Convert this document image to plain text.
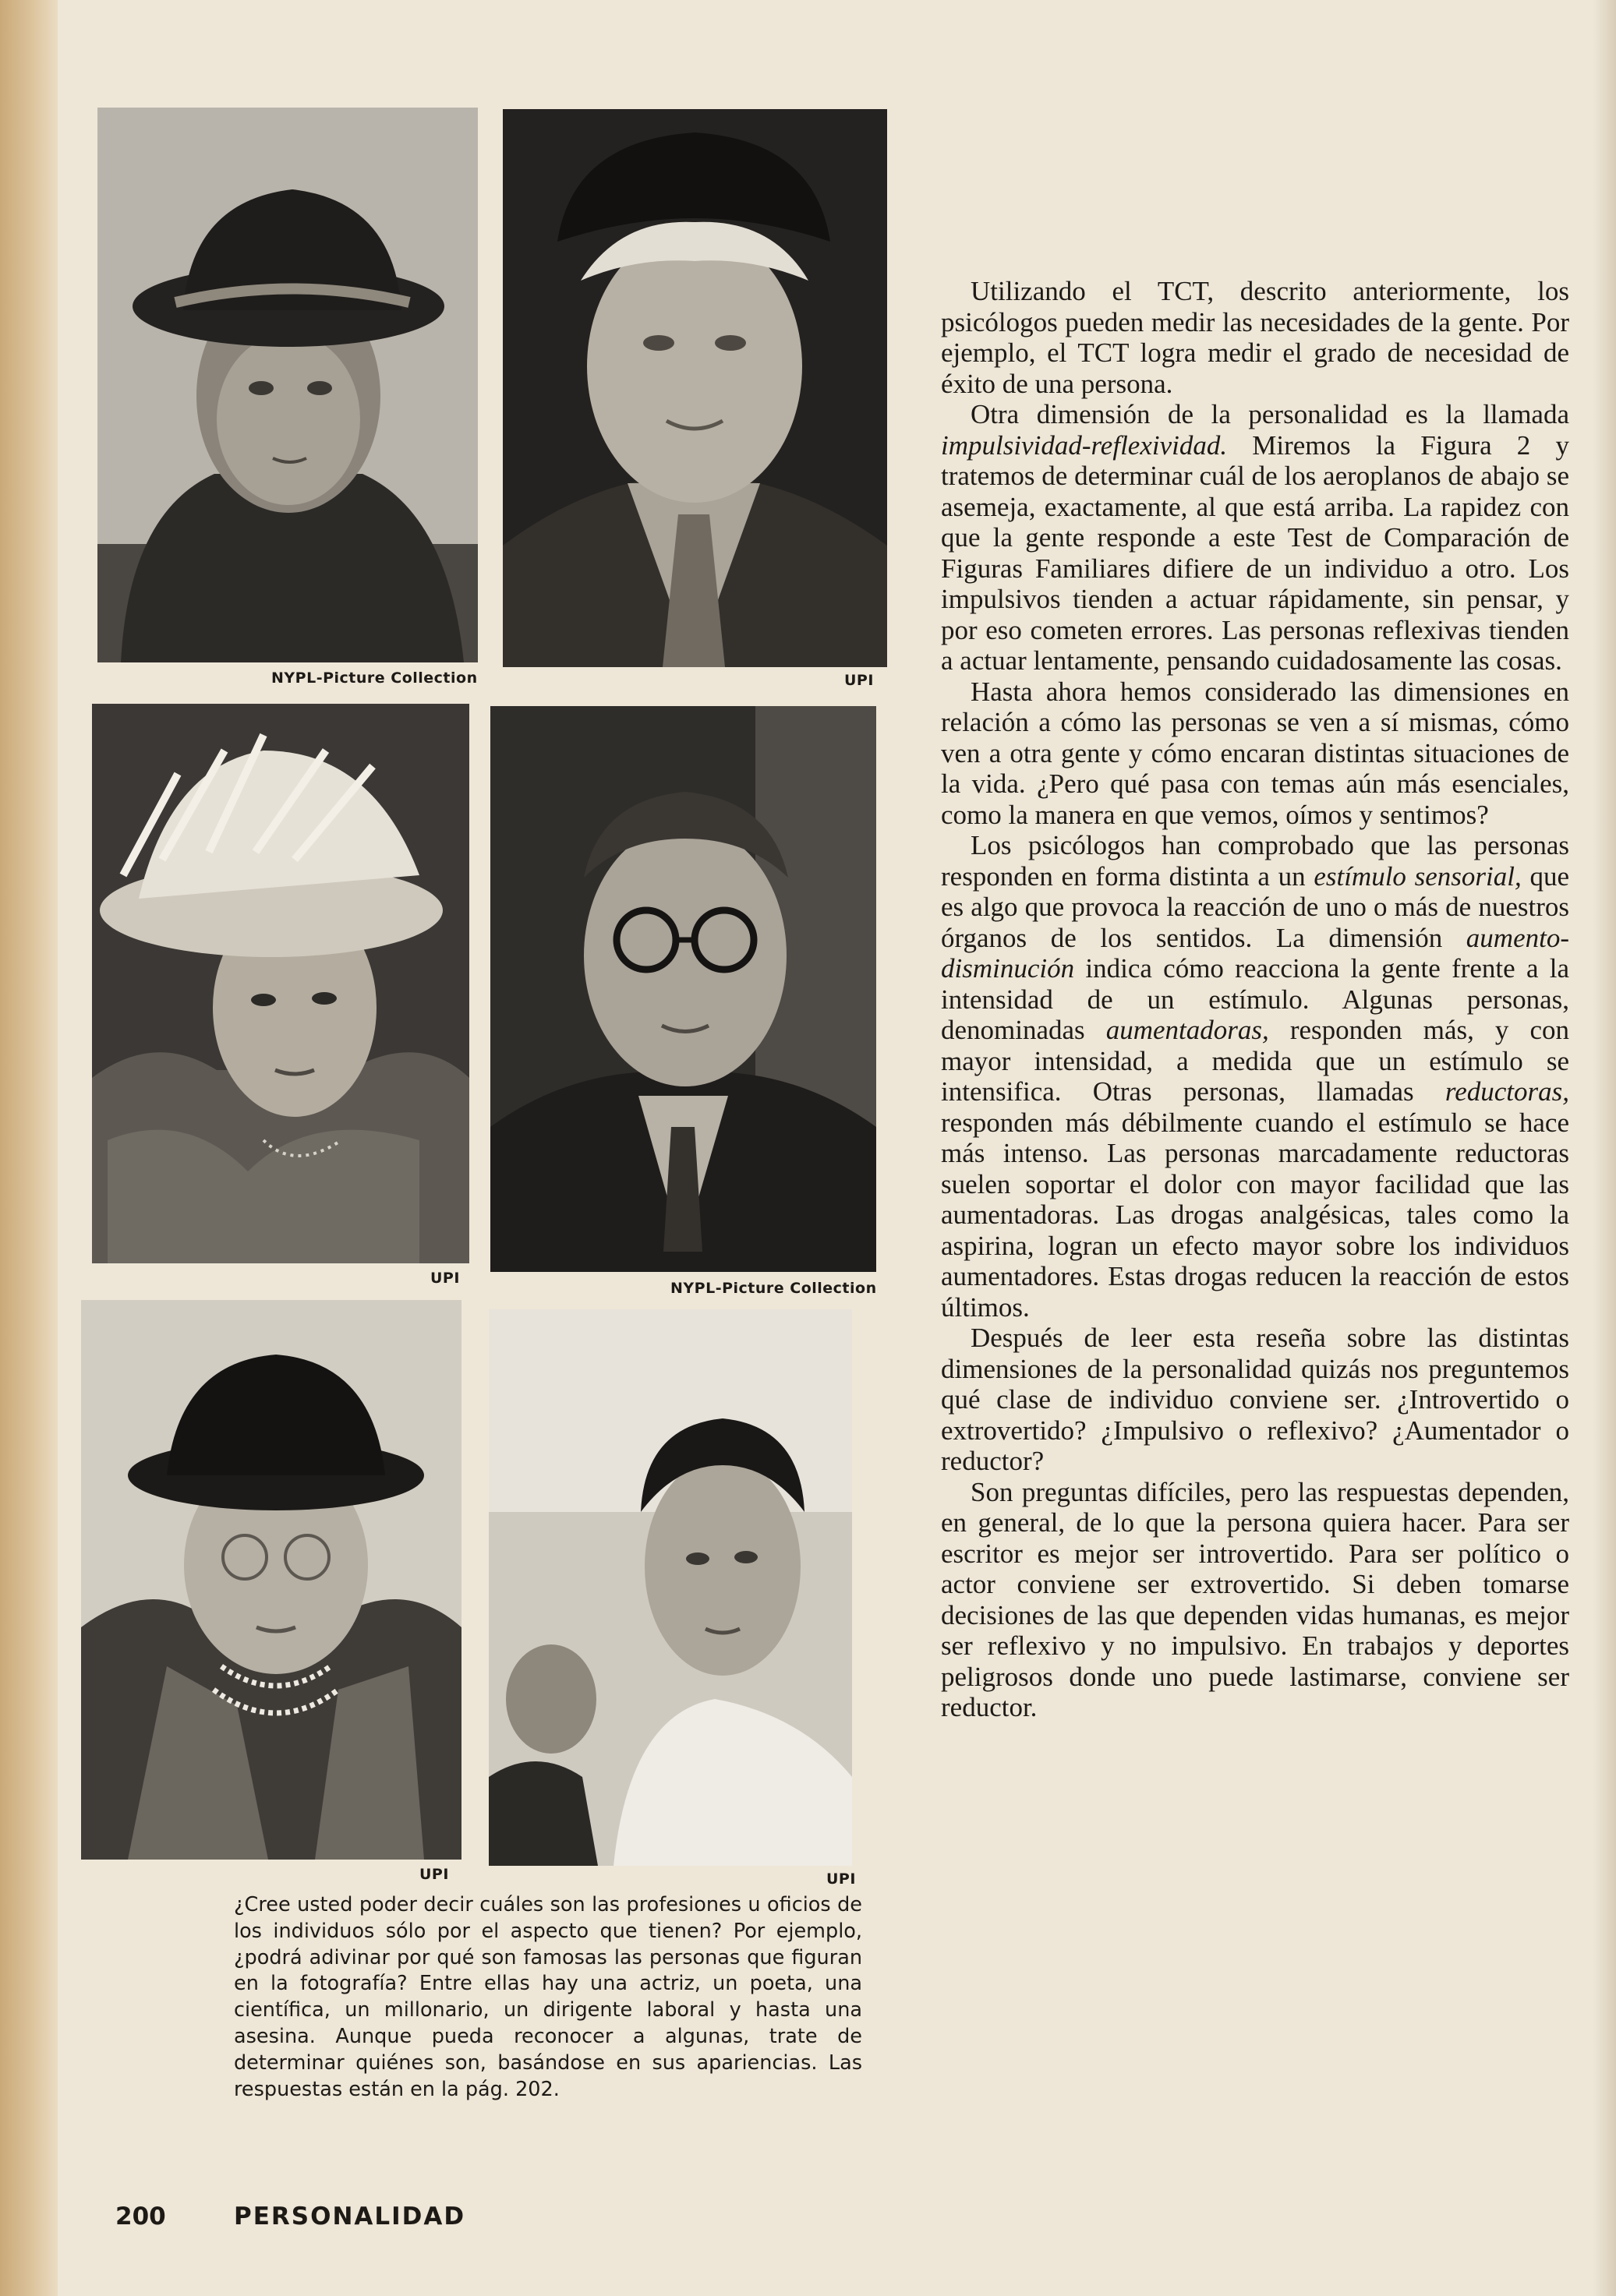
NYPL-Picture Collection	UPI
UPI
NYPL-Picture Collection
UPI	UPI

¿Cree usted poder decir cuáles son las profesiones u oficios de los individuos sólo por el aspecto que tienen? Por ejemplo, ¿podrá adivinar por qué son famosas las personas que figuran en la fotografía? Entre ellas hay una actriz, un poeta, una científica, un millonario, un dirigente laboral y hasta una asesina. Aunque pueda reconocer a algunas, trate de determinar quiénes son, basándose en sus apariencias. Las respuestas están en la pág. 202.

Utilizando el TCT, descrito anteriormente, los psicólogos pueden medir las necesidades de la gente. Por ejemplo, el TCT logra medir el grado de necesidad de éxito de una persona.

Otra dimensión de la personalidad es la llamada impulsividad-reflexividad. Miremos la Figura 2 y tratemos de determinar cuál de los aeroplanos de abajo se asemeja, exactamente, al que está arriba. La rapidez con que la gente responde a este Test de Comparación de Figuras Familiares difiere de un individuo a otro. Los impulsivos tienden a actuar rápidamente, sin pensar, y por eso cometen errores. Las personas reflexivas tienden a actuar lentamente, pensando cuidadosamente las cosas.

Hasta ahora hemos considerado las dimensiones en relación a cómo las personas se ven a sí mismas, cómo ven a otra gente y cómo encaran distintas situaciones de la vida. ¿Pero qué pasa con temas aún más esenciales, como la manera en que vemos, oímos y sentimos?

Los psicólogos han comprobado que las personas responden en forma distinta a un estímulo sensorial, que es algo que provoca la reacción de uno o más de nuestros órganos de los sentidos. La dimensión aumento-disminución indica cómo reacciona la gente frente a la intensidad de un estímulo. Algunas personas, denominadas aumentadoras, responden más, y con mayor intensidad, a medida que un estímulo se intensifica. Otras personas, llamadas reductoras, responden más débilmente cuando el estímulo se hace más intenso. Las personas marcadamente reductoras suelen soportar el dolor con mayor facilidad que las aumentadoras. Las drogas analgésicas, tales como la aspirina, logran un efecto mayor sobre los individuos aumentadores. Estas drogas reducen la reacción de estos últimos.

Después de leer esta reseña sobre las distintas dimensiones de la personalidad quizás nos preguntemos qué clase de individuo conviene ser. ¿Introvertido o extrovertido? ¿Impulsivo o reflexivo? ¿Aumentador o reductor?

Son preguntas difíciles, pero las respuestas dependen, en general, de lo que la persona quiera hacer. Para ser escritor es mejor ser introvertido. Para ser político o actor conviene ser extrovertido. Si deben tomarse decisiones de las que dependen vidas humanas, es mejor ser reflexivo y no impulsivo. En trabajos y deportes peligrosos donde uno puede lastimarse, conviene ser reductor.

200	PERSONALIDAD
